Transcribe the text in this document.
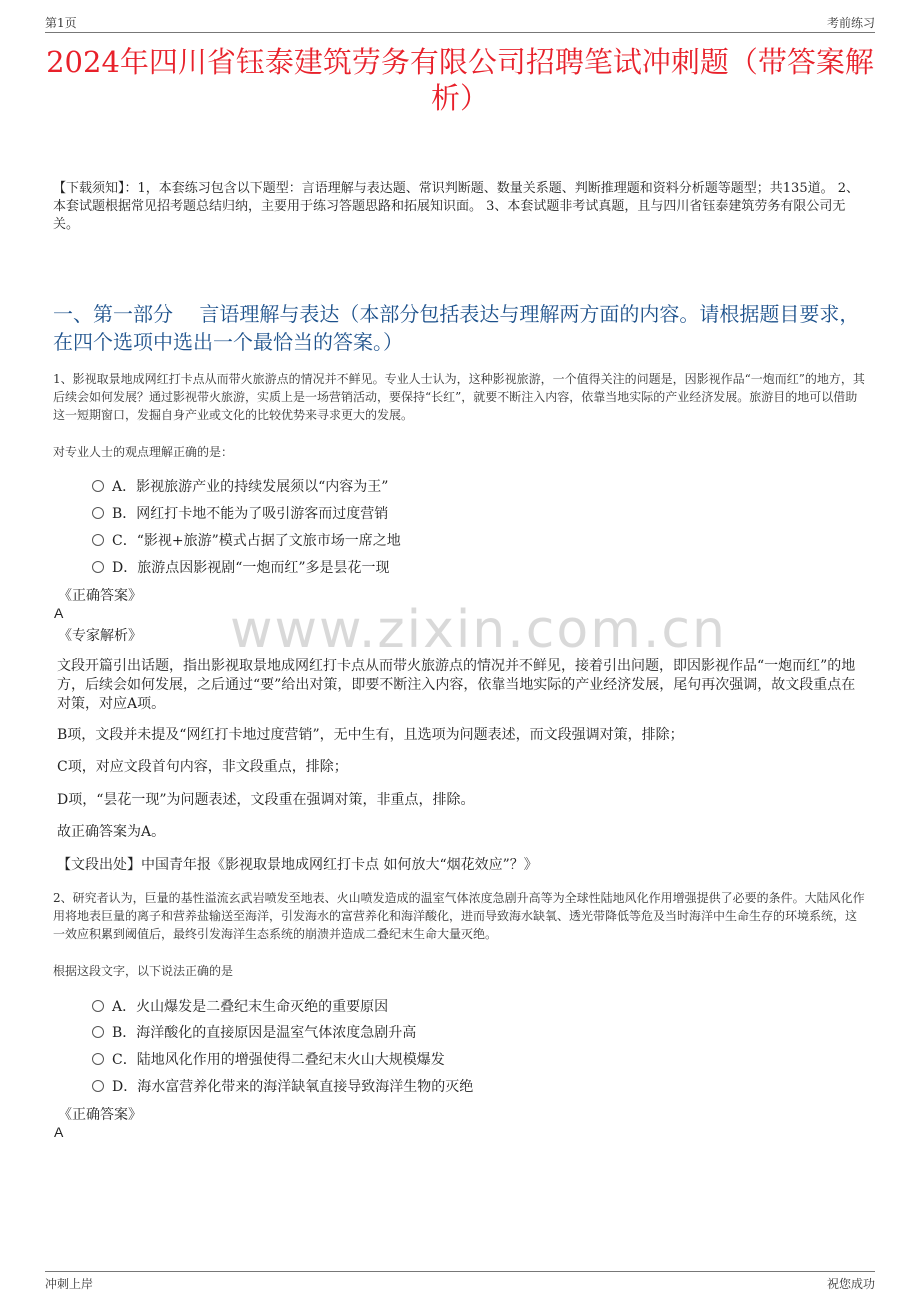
第1页	考前练习
2024年四川省钰泰建筑劳务有限公司招聘笔试冲刺题（带答案解析）
【下载须知】：1，本套练习包含以下题型：言语理解与表达题、常识判断题、数量关系题、判断推理题和资料分析题等题型；共135道。 2、本套试题根据常见招考题总结归纳，主要用于练习答题思路和拓展知识面。 3、本套试题非考试真题，且与四川省钰泰建筑劳务有限公司无关。
一、第一部分　 言语理解与表达（本部分包括表达与理解两方面的内容。请根据题目要求，在四个选项中选出一个最恰当的答案。）
www.zixin.com.cn
1、影视取景地成网红打卡点从而带火旅游点的情况并不鲜见。专业人士认为，这种影视旅游，一个值得关注的问题是，因影视作品“一炮而红”的地方，其后续会如何发展？通过影视带火旅游，实质上是一场营销活动，要保持“长红”，就要不断注入内容，依靠当地实际的产业经济发展。旅游目的地可以借助这一短期窗口，发掘自身产业或文化的比较优势来寻求更大的发展。
对专业人士的观点理解正确的是：
A．影视旅游产业的持续发展须以“内容为王”
B．网红打卡地不能为了吸引游客而过度营销
C．“影视+旅游”模式占据了文旅市场一席之地
D．旅游点因影视剧“一炮而红”多是昙花一现
《正确答案》
A
《专家解析》
文段开篇引出话题，指出影视取景地成网红打卡点从而带火旅游点的情况并不鲜见，接着引出问题，即因影视作品“一炮而红”的地方，后续会如何发展，之后通过“要”给出对策，即要不断注入内容，依靠当地实际的产业经济发展，尾句再次强调，故文段重点在对策，对应A项。
B项，文段并未提及“网红打卡地过度营销”，无中生有，且选项为问题表述，而文段强调对策，排除；
C项，对应文段首句内容，非文段重点，排除；
D项，“昙花一现”为问题表述，文段重在强调对策，非重点，排除。
故正确答案为A。
【文段出处】中国青年报《影视取景地成网红打卡点 如何放大“烟花效应”？》
2、研究者认为，巨量的基性溢流玄武岩喷发至地表、火山喷发造成的温室气体浓度急剧升高等为全球性陆地风化作用增强提供了必要的条件。大陆风化作用将地表巨量的离子和营养盐输送至海洋，引发海水的富营养化和海洋酸化，进而导致海水缺氧、透光带降低等危及当时海洋中生命生存的环境系统，这一效应积累到阈值后，最终引发海洋生态系统的崩溃并造成二叠纪末生命大量灭绝。
根据这段文字，以下说法正确的是
A．火山爆发是二叠纪末生命灭绝的重要原因
B．海洋酸化的直接原因是温室气体浓度急剧升高
C．陆地风化作用的增强使得二叠纪末火山大规模爆发
D．海水富营养化带来的海洋缺氧直接导致海洋生物的灭绝
《正确答案》
A
冲刺上岸	祝您成功
